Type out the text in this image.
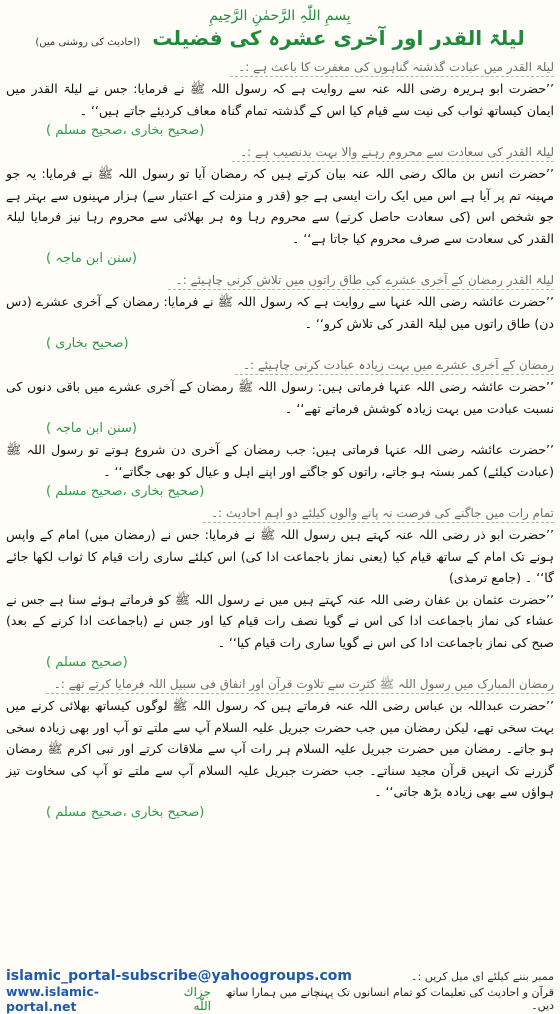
بِسمِ اللّٰہِ الرَّحمٰنِ الرَّحِیمِ
لیلۃ القدر اور آخری عشرہ کی فضیلت
(احادیث کی روشنی میں)
لیلۃ القدر میں عبادت گذشتہ گناہوں کی مغفرت کا باعث ہے :۔

’’حضرت ابو ہریرہ رضی اللہ عنہ سے روایت ہے کہ رسول اللہ ﷺ نے فرمایا: جس نے لیلۃ القدر میں ایمان کیساتھ ثواب کی نیت سے قیام کیا اس کے گذشتہ تمام گناہ معاف کردیئے جاتے ہیں‘‘ ۔

(صحیح بخاری ،صحیح مسلم )
لیلۃ القدر کی سعادت سے محروم رہنے والا بہت بدنصیب ہے :۔

’’حضرت انس بن مالک رضی اللہ عنہ بیان کرتے ہیں کہ رمضان آیا تو رسول اللہ ﷺ نے فرمایا: یہ جو مہینہ تم پر آیا ہے اس میں ایک رات ایسی ہے جو (قدر و منزلت کے اعتبار سے) ہزار مہینوں سے بہتر ہے جو شخص اس (کی سعادت حاصل کرنے) سے محروم رہا وہ ہر بھلائی سے محروم رہا نیز فرمایا لیلۃ القدر کی سعادت سے صرف محروم کیا جاتا ہے‘‘ ۔

(سنن ابن ماجہ )
لیلۃ القدر رمضان کے آخری عشرے کی طاق راتوں میں تلاش کرنی چاہیئے :۔

’’حضرت عائشہ رضی اللہ عنہا سے روایت ہے کہ رسول اللہ ﷺ نے فرمایا: رمضان کے آخری عشرے (دس دن) طاق راتوں میں لیلۃ القدر کی تلاش کرو‘‘ ۔

(صحیح بخاری )
رمضان کے آخری عشرے میں بہت زیادہ عبادت کرنی چاہیئے :۔

’’حضرت عائشہ رضی اللہ عنہا فرماتی ہیں: رسول اللہ ﷺ رمضان کے آخری عشرے میں باقی دنوں کی نسبت عبادت میں بہت زیادہ کوشش فرماتے تھے‘‘ ۔

(سنن ابن ماجہ )

’’حضرت عائشہ رضی اللہ عنہا فرماتی ہیں: جب رمضان کے آخری دن شروع ہوتے تو رسول اللہ ﷺ (عبادت کیلئے) کمر بستہ ہو جاتے، راتوں کو جاگتے اور اپنے اہل و عیال کو بھی جگاتے‘‘ ۔

(صحیح بخاری ،صحیح مسلم )
تمام رات میں جاگنے کی فرصت نہ پانے والوں کیلئے دو اہم احادیث :۔

’’حضرت ابو ذر رضی اللہ عنہ کہتے ہیں رسول اللہ ﷺ نے فرمایا: جس نے (رمضان میں) امام کے واپس ہونے تک امام کے ساتھ قیام کیا (یعنی نماز باجماعت ادا کی) اس کیلئے ساری رات قیام کا ثواب لکھا جائے گا‘‘ ۔ (جامع ترمذی)

’’حضرت عثمان بن عفان رضی اللہ عنہ کہتے ہیں میں نے رسول اللہ ﷺ کو فرماتے ہوئے سنا ہے جس نے عشاء کی نماز باجماعت ادا کی اس نے گویا نصف رات قیام کیا اور جس نے (باجماعت ادا کرنے کے بعد) صبح کی نماز باجماعت ادا کی اس نے گویا ساری رات قیام کیا‘‘ ۔

(صحیح مسلم )
رمضان المبارک میں رسول اللہ ﷺ کثرت سے تلاوت قرآن اور انفاق فی سبیل اللہ فرمایا کرتے تھے :۔

’’حضرت عبداللہ بن عباس رضی اللہ عنہ فرماتے ہیں کہ رسول اللہ ﷺ لوگوں کیساتھ بھلائی کرنے میں بہت سخی تھے، لیکن رمضان میں جب حضرت جبریل علیہ السلام آپ سے ملتے تو آپ اور بھی زیادہ سخی ہو جاتے۔ رمضان میں حضرت جبریل علیہ السلام ہر رات آپ سے ملاقات کرتے اور نبی اکرم ﷺ رمضان گزرنے تک انہیں قرآن مجید سناتے۔ جب حضرت جبریل علیہ السلام آپ سے ملتے تو آپ کی سخاوت تیز ہواؤں سے بھی زیادہ بڑھ جاتی‘‘ ۔

(صحیح بخاری ،صحیح مسلم )
ممبر بننے کیلئے ای میل کریں :۔
islamic_portal-subscribe@yahoogroups.com
قرآن و احادیث کی تعلیمات کو تمام انسانوں تک پہنچانے میں ہمارا ساتھ دیں۔
جزاك اللّٰه
www.islamic-portal.net
